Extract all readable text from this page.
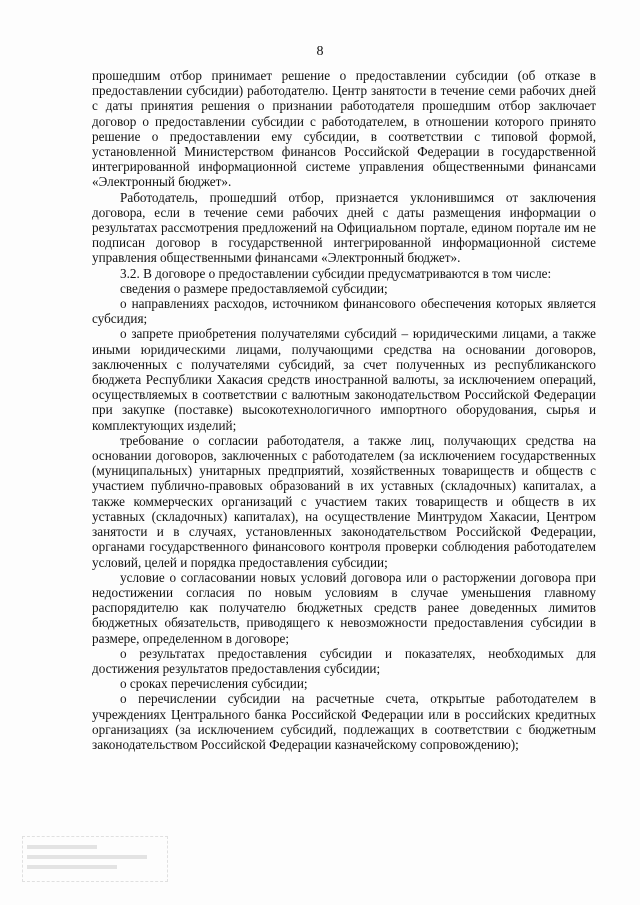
8

прошедшим отбор принимает решение о предоставлении субсидии (об отказе в предоставлении субсидии) работодателю. Центр занятости в течение семи рабочих дней с даты принятия решения о признании работодателя прошедшим отбор заключает договор о предоставлении субсидии с работодателем, в отношении которого принято решение о предоставлении ему субсидии, в соответствии с типовой формой, установленной Министерством финансов Российской Федерации в государственной интегрированной информационной системе управления общественными финансами «Электронный бюджет».

Работодатель, прошедший отбор, признается уклонившимся от заключения договора, если в течение семи рабочих дней с даты размещения информации о результатах рассмотрения предложений на Официальном портале, едином портале им не подписан договор в государственной интегрированной информационной системе управления общественными финансами «Электронный бюджет».

3.2. В договоре о предоставлении субсидии предусматриваются в том числе:

сведения о размере предоставляемой субсидии;

о направлениях расходов, источником финансового обеспечения которых является субсидия;

о запрете приобретения получателями субсидий – юридическими лицами, а также иными юридическими лицами, получающими средства на основании договоров, заключенных с получателями субсидий, за счет полученных из республиканского бюджета Республики Хакасия средств иностранной валюты, за исключением операций, осуществляемых в соответствии с валютным законодательством Российской Федерации при закупке (поставке) высокотехнологичного импортного оборудования, сырья и комплектующих изделий;

требование о согласии работодателя, а также лиц, получающих средства на основании договоров, заключенных с работодателем (за исключением государственных (муниципальных) унитарных предприятий, хозяйственных товариществ и обществ с участием публично-правовых образований в их уставных (складочных) капиталах, а также коммерческих организаций с участием таких товариществ и обществ в их уставных (складочных) капиталах), на осуществление Минтрудом Хакасии, Центром занятости и в случаях, установленных законодательством Российской Федерации, органами государственного финансового контроля проверки соблюдения работодателем условий, целей и порядка предоставления субсидии;

условие о согласовании новых условий договора или о расторжении договора при недостижении согласия по новым условиям в случае уменьшения главному распорядителю как получателю бюджетных средств ранее доведенных лимитов бюджетных обязательств, приводящего к невозможности предоставления субсидии в размере, определенном в договоре;

о результатах предоставления субсидии и показателях, необходимых для достижения результатов предоставления субсидии;

о сроках перечисления субсидии;

о перечислении субсидии на расчетные счета, открытые работодателем в учреждениях Центрального банка Российской Федерации или в российских кредитных организациях (за исключением субсидий, подлежащих в соответствии с бюджетным законодательством Российской Федерации казначейскому сопровождению);
